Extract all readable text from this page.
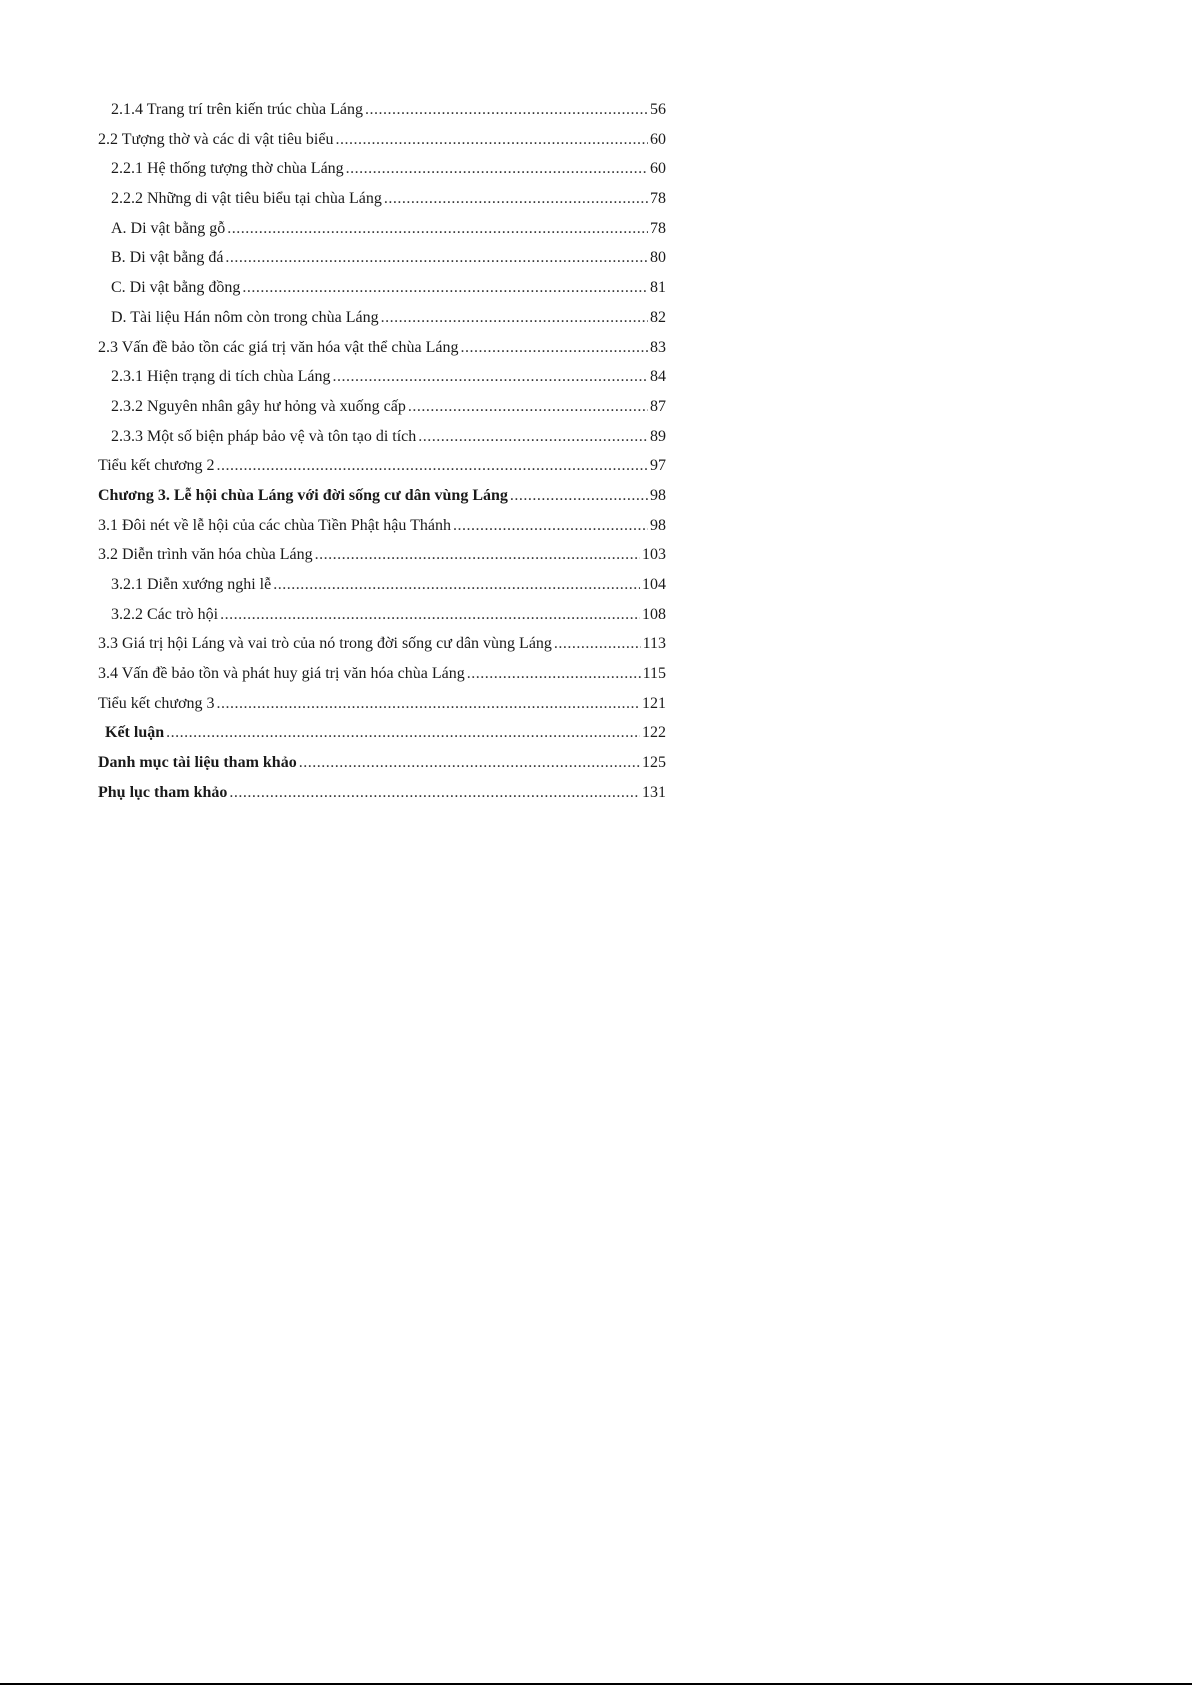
2.1.4 Trang trí trên kiến trúc chùa Láng .....	56
2.2 Tượng thờ và các di vật tiêu biểu .....	60
2.2.1 Hệ thống tượng thờ chùa Láng .....	60
2.2.2 Những di vật tiêu biểu tại chùa Láng .....	78
A. Di vật bằng gỗ .....	78
B. Di vật bằng đá .....	80
C. Di vật bằng đồng .....	81
D. Tài liệu Hán nôm còn trong chùa Láng .....	82
2.3 Vấn đề bảo tồn các giá trị văn hóa vật thể chùa Láng .....	83
2.3.1 Hiện trạng di tích chùa Láng .....	84
2.3.2 Nguyên nhân gây hư hỏng và xuống cấp .....	87
2.3.3 Một số biện pháp bảo vệ và tôn tạo di tích .....	89
Tiểu kết chương 2 .....	97
Chương 3. Lễ hội chùa Láng với đời sống cư dân vùng Láng .....	98
3.1 Đôi nét về lễ hội của các chùa Tiền Phật hậu Thánh .....	98
3.2 Diễn trình văn hóa chùa Láng .....	103
3.2.1 Diễn xướng nghi lễ .....	104
3.2.2 Các trò hội .....	108
3.3 Giá trị hội Láng và vai trò của nó trong đời sống cư dân vùng Láng .....	113
3.4 Vấn đề bảo tồn và phát huy giá trị văn hóa chùa Láng .....	115
Tiểu kết chương 3 .....	121
Kết luận .....	122
Danh mục tài liệu tham khảo .....	125
Phụ lục tham khảo .....	131
